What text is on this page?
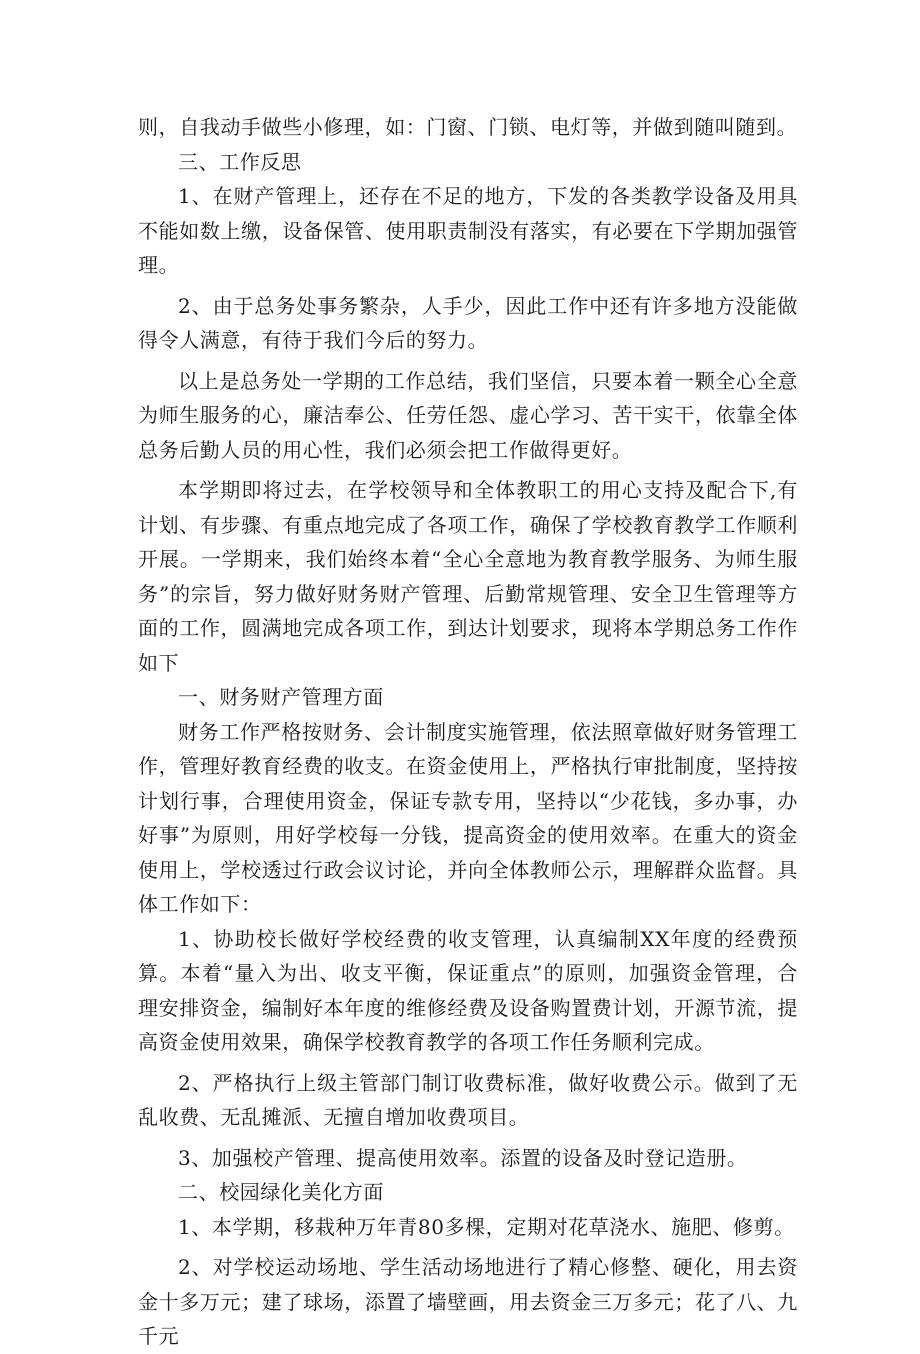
则，自我动手做些小修理，如：门窗、门锁、电灯等，并做到随叫随到。

三、工作反思

1、在财产管理上，还存在不足的地方，下发的各类教学设备及用具不能如数上缴，设备保管、使用职责制没有落实，有必要在下学期加强管理。

2、由于总务处事务繁杂，人手少，因此工作中还有许多地方没能做得令人满意，有待于我们今后的努力。

以上是总务处一学期的工作总结，我们坚信，只要本着一颗全心全意为师生服务的心，廉洁奉公、任劳任怨、虚心学习、苦干实干，依靠全体总务后勤人员的用心性，我们必须会把工作做得更好。

本学期即将过去，在学校领导和全体教职工的用心支持及配合下,有计划、有步骤、有重点地完成了各项工作，确保了学校教育教学工作顺利开展。一学期来，我们始终本着“全心全意地为教育教学服务、为师生服务”的宗旨，努力做好财务财产管理、后勤常规管理、安全卫生管理等方面的工作，圆满地完成各项工作，到达计划要求，现将本学期总务工作作如下

一、财务财产管理方面

财务工作严格按财务、会计制度实施管理，依法照章做好财务管理工作，管理好教育经费的收支。在资金使用上，严格执行审批制度，坚持按计划行事，合理使用资金，保证专款专用，坚持以“少花钱，多办事，办好事”为原则，用好学校每一分钱，提高资金的使用效率。在重大的资金使用上，学校透过行政会议讨论，并向全体教师公示，理解群众监督。具体工作如下：

1、协助校长做好学校经费的收支管理，认真编制XX年度的经费预算。本着“量入为出、收支平衡，保证重点”的原则，加强资金管理，合理安排资金，编制好本年度的维修经费及设备购置费计划，开源节流，提高资金使用效果，确保学校教育教学的各项工作任务顺利完成。

2、严格执行上级主管部门制订收费标准，做好收费公示。做到了无乱收费、无乱摊派、无擅自增加收费项目。

3、加强校产管理、提高使用效率。添置的设备及时登记造册。

二、校园绿化美化方面

1、本学期，移栽种万年青80多棵，定期对花草浇水、施肥、修剪。

2、对学校运动场地、学生活动场地进行了精心修整、硬化，用去资金十多万元；建了球场，添置了墙壁画，用去资金三万多元；花了八、九千元
